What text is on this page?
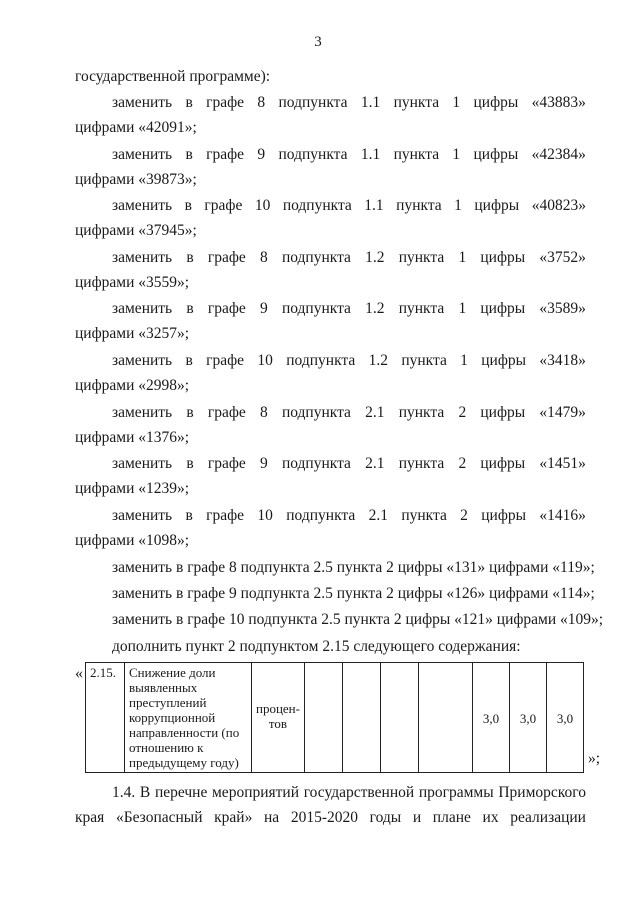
3
государственной программе):
заменить в графе 8 подпункта 1.1 пункта 1 цифры «43883»
цифрами «42091»;
заменить в графе 9 подпункта 1.1 пункта 1 цифры «42384»
цифрами «39873»;
заменить в графе 10 подпункта 1.1 пункта 1 цифры «40823»
цифрами «37945»;
заменить в графе 8 подпункта 1.2 пункта 1 цифры «3752»
цифрами «3559»;
заменить в графе 9 подпункта 1.2 пункта 1 цифры «3589»
цифрами «3257»;
заменить в графе 10 подпункта 1.2 пункта 1 цифры «3418»
цифрами «2998»;
заменить в графе 8 подпункта 2.1 пункта 2 цифры «1479»
цифрами «1376»;
заменить в графе 9 подпункта 2.1 пункта 2 цифры «1451»
цифрами «1239»;
заменить в графе 10 подпункта 2.1 пункта 2 цифры «1416»
цифрами «1098»;
заменить в графе 8 подпункта 2.5 пункта 2 цифры «131» цифрами «119»;
заменить в графе 9 подпункта 2.5 пункта 2 цифры «126» цифрами «114»;
заменить в графе 10 подпункта 2.5 пункта 2 цифры «121» цифрами «109»;
дополнить пункт 2 подпунктом 2.15 следующего содержания:
« 2.15.	Снижение доли выявленных преступлений коррупционной направленности (по отношению к предыдущему году)	процен-тов					3,0	3,0	3,0
»;
1.4. В перечне мероприятий государственной программы Приморского
края «Безопасный край» на 2015-2020 годы и плане их реализации
